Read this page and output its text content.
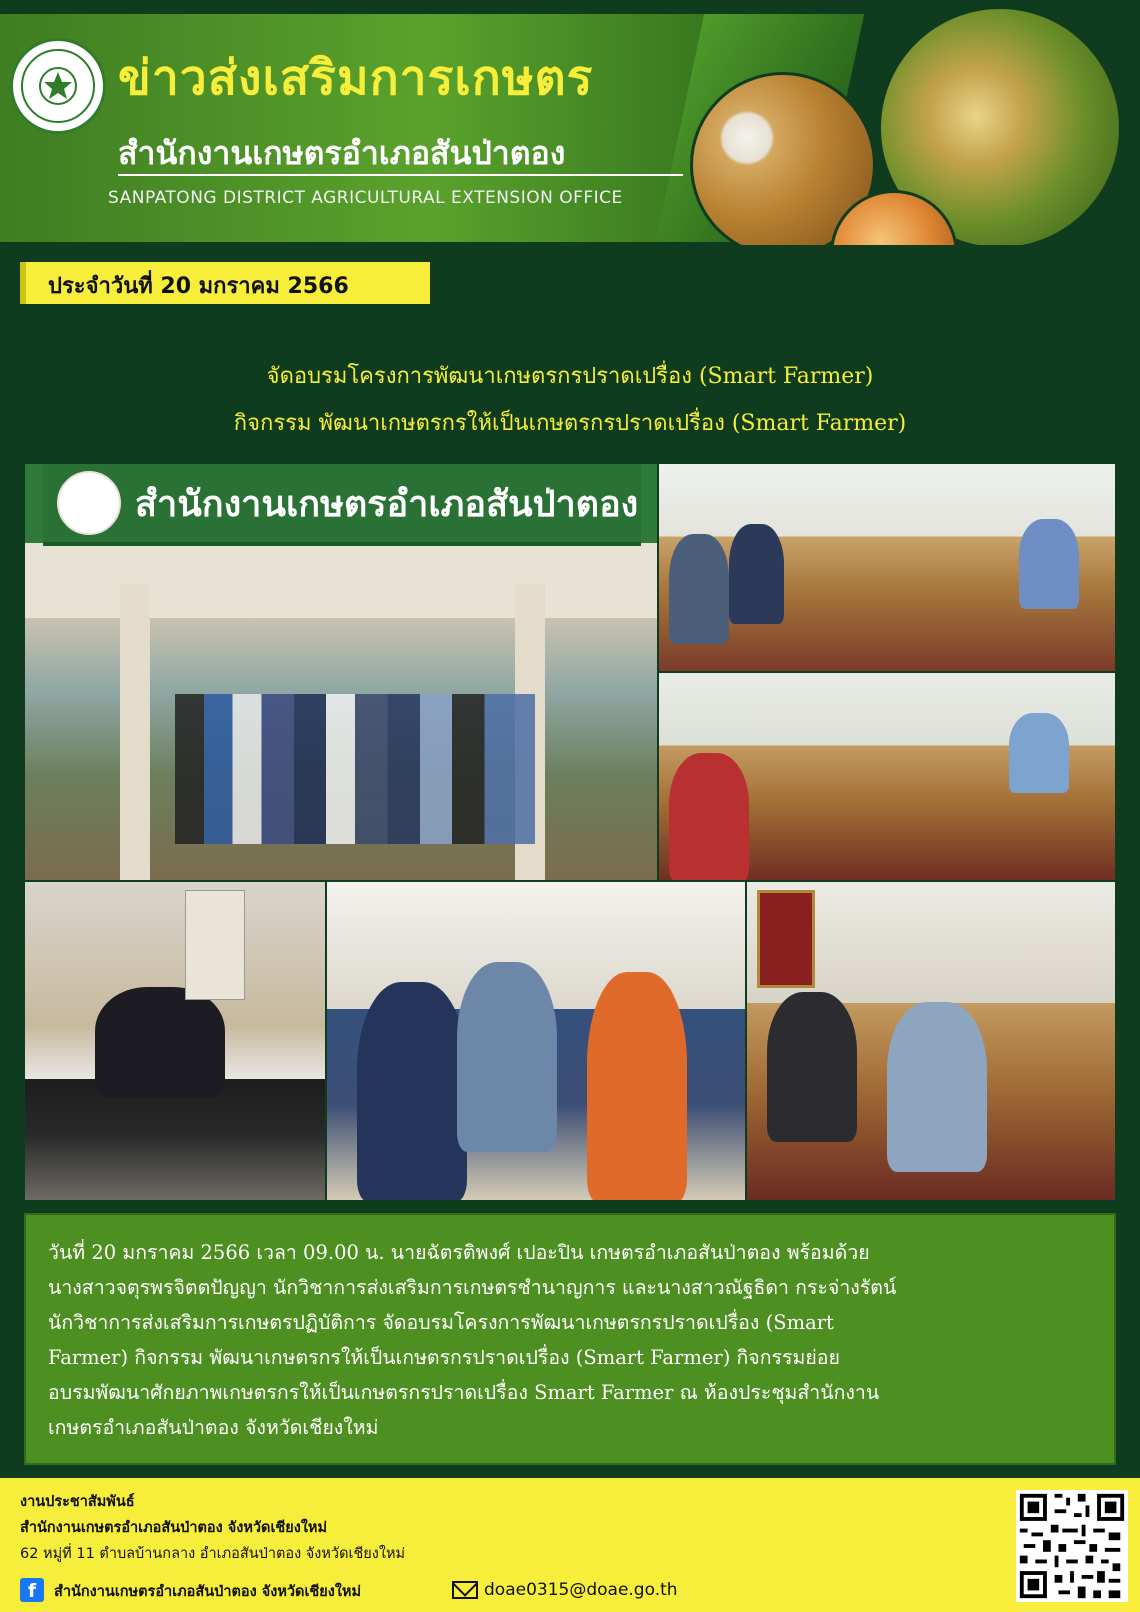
ข่าวส่งเสริมการเกษตร
สำนักงานเกษตรอำเภอสันป่าตอง
SANPATONG DISTRICT AGRICULTURAL EXTENSION OFFICE
ประจำวันที่ 20 มกราคม 2566
จัดอบรมโครงการพัฒนาเกษตรกรปราดเปรื่อง (Smart Farmer)
กิจกรรม พัฒนาเกษตรกรให้เป็นเกษตรกรปราดเปรื่อง (Smart Farmer)
สำนักงานเกษตรอำเภอสันป่าตอง

วันที่ 20 มกราคม 2566 เวลา 09.00 น. นายฉัตรติพงศ์ เปอะปิน เกษตรอำเภอสันป่าตอง พร้อมด้วย

นางสาวจตุรพรจิตตปัญญา นักวิชาการส่งเสริมการเกษตรชำนาญการ และนางสาวณัฐธิดา กระจ่างรัตน์

นักวิชาการส่งเสริมการเกษตรปฏิบัติการ จัดอบรมโครงการพัฒนาเกษตรกรปราดเปรื่อง (Smart

Farmer) กิจกรรม พัฒนาเกษตรกรให้เป็นเกษตรกรปราดเปรื่อง (Smart Farmer) กิจกรรมย่อย

อบรมพัฒนาศักยภาพเกษตรกรให้เป็นเกษตรกรปราดเปรื่อง Smart Farmer ณ ห้องประชุมสำนักงาน

เกษตรอำเภอสันป่าตอง จังหวัดเชียงใหม่

งานประชาสัมพันธ์
สำนักงานเกษตรอำเภอสันป่าตอง จังหวัดเชียงใหม่
62 หมู่ที่ 11 ตำบลบ้านกลาง อำเภอสันป่าตอง จังหวัดเชียงใหม่
f	สำนักงานเกษตรอำเภอสันป่าตอง จังหวัดเชียงใหม่	doae0315@doae.go.th
